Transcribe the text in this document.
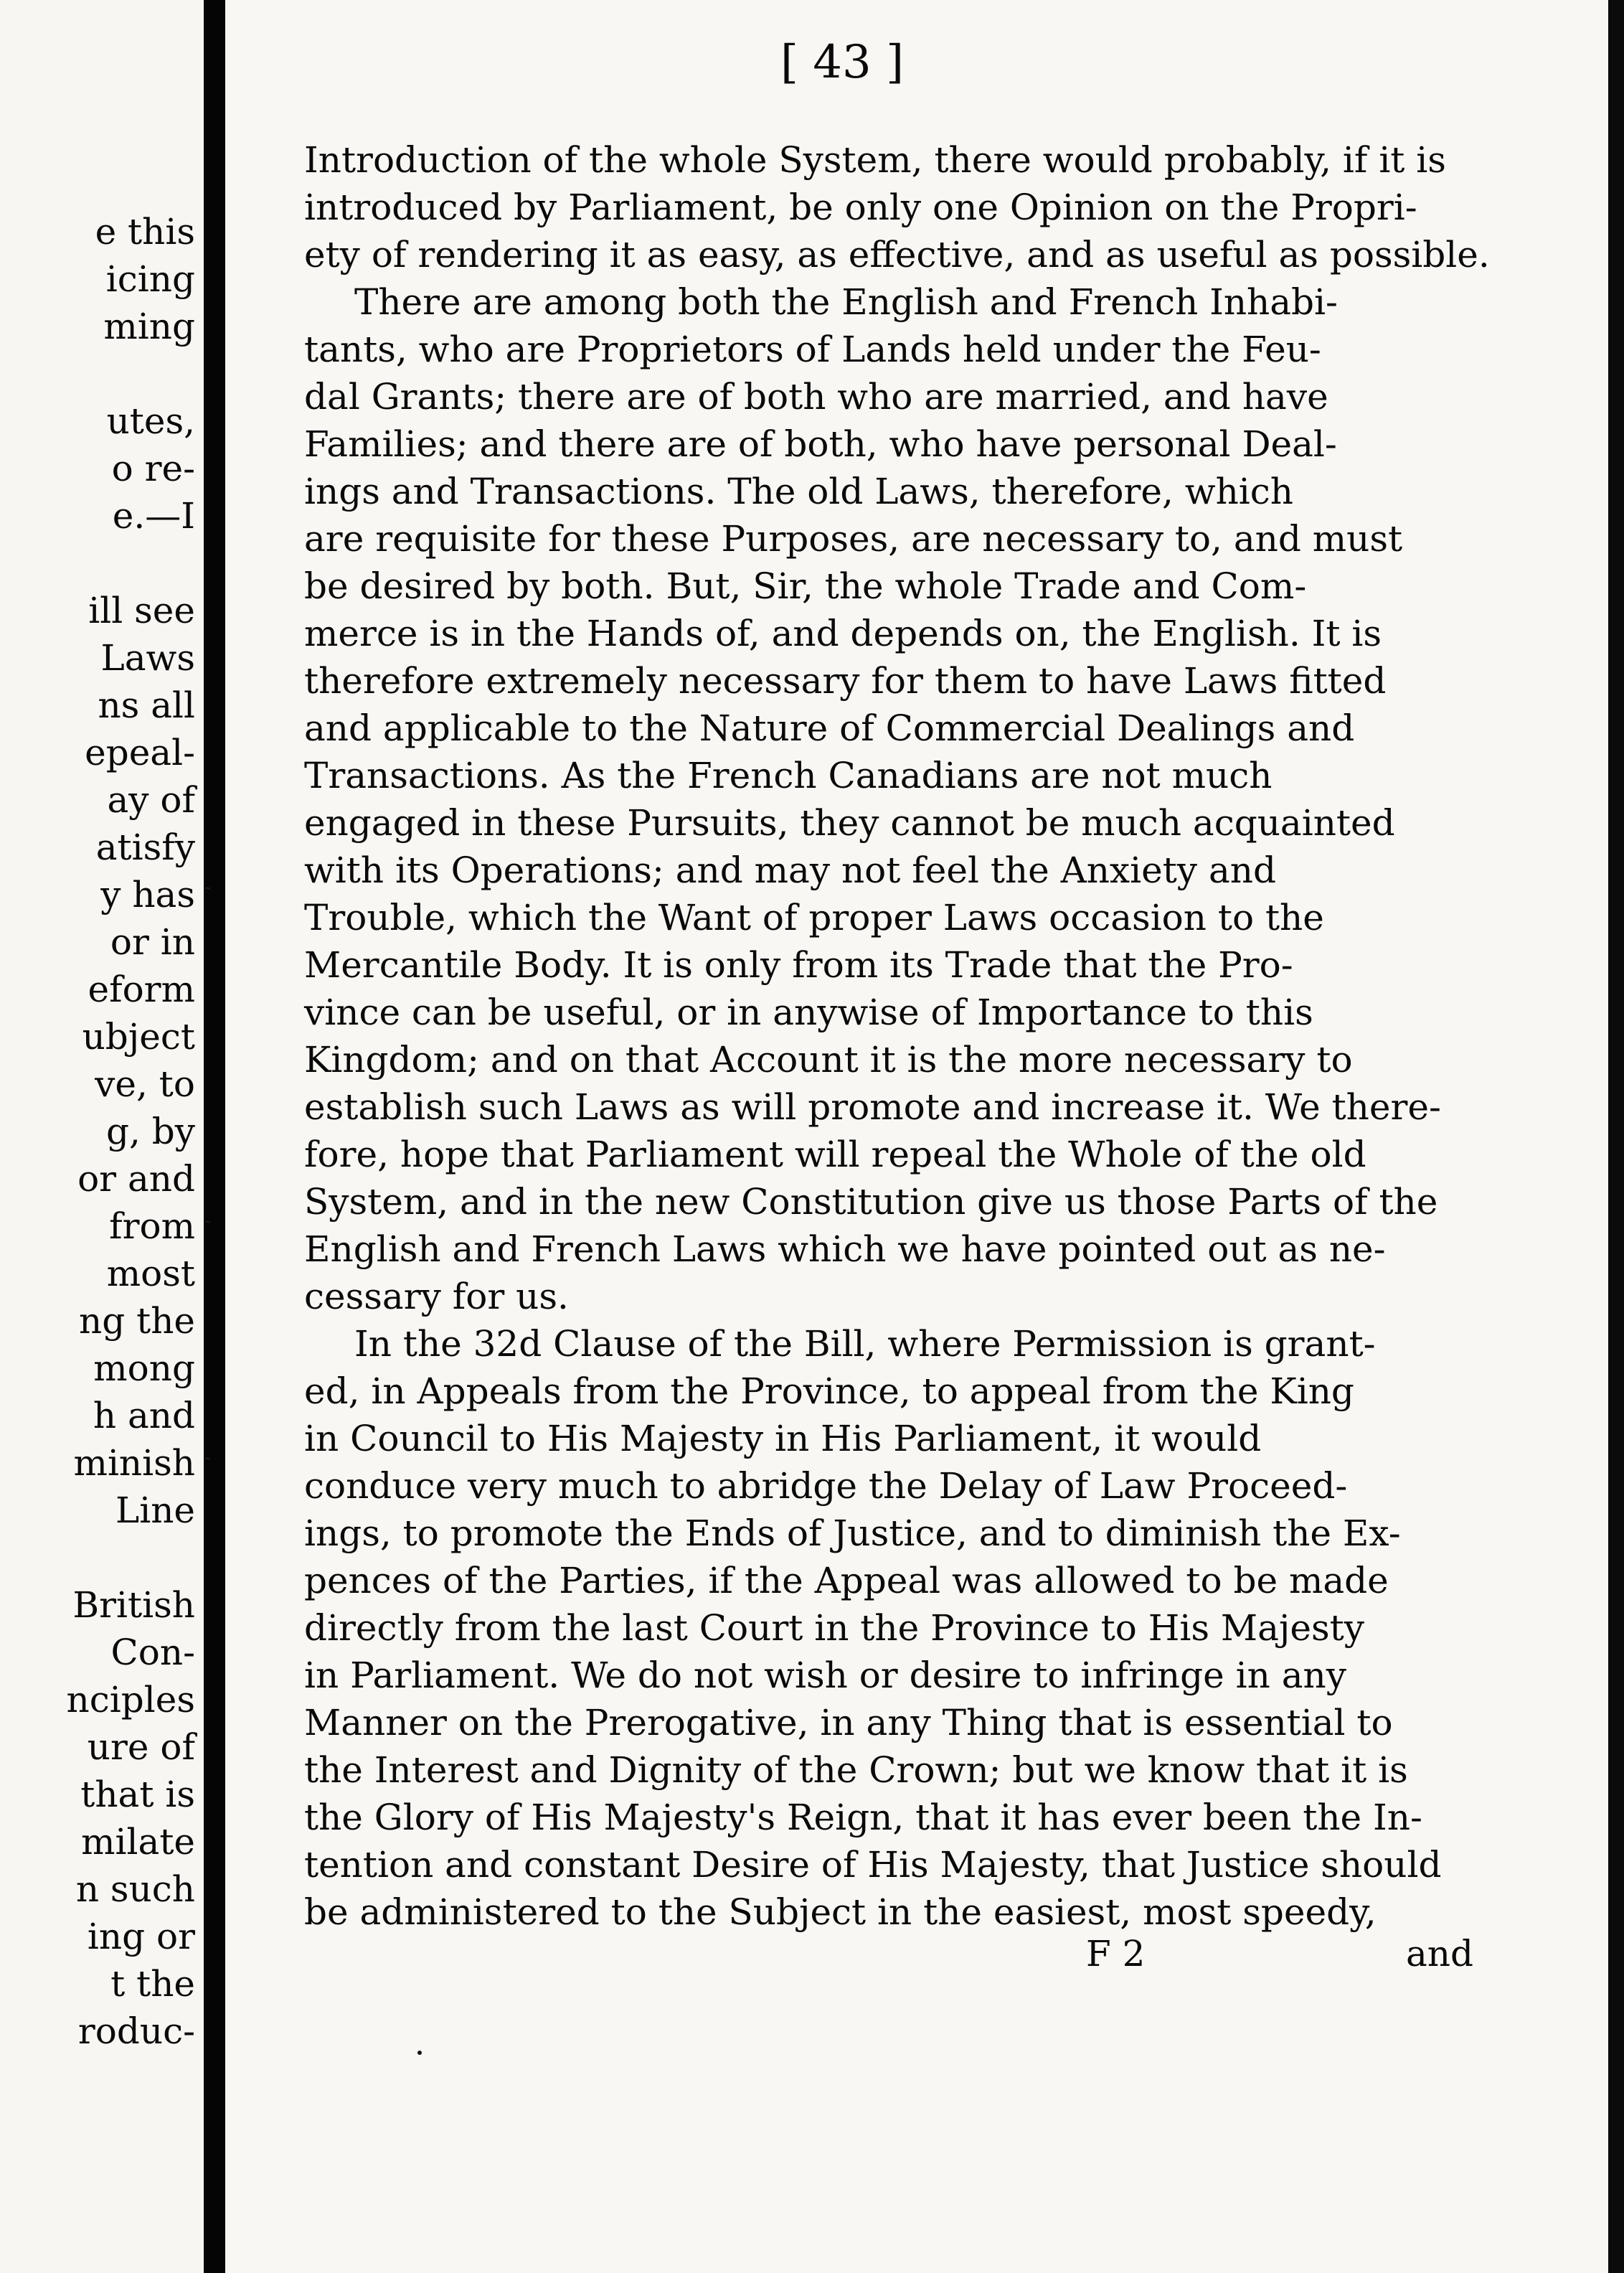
e this

icing

ming

utes,

o re-

e.—I

ill see

Laws

ns all

epeal-

ay of

atisfy

y has

or in

eform

ubject

ve, to

g, by

or and

from

most

ng the

mong

h and

minish

Line

British

Con-

nciples

ure of

that is

milate

n such

ing or

t the

roduc-

[ 43 ]

Introduction of the whole System, there would probably, if it is

introduced by Parliament, be only one Opinion on the Propri-

ety of rendering it as easy, as effective, and as useful as possible.

There are among both the English and French Inhabi-

tants, who are Proprietors of Lands held under the Feu-

dal Grants; there are of both who are married, and have

Families; and there are of both, who have personal Deal-

ings and Transactions. The old Laws, therefore, which

are requisite for these Purposes, are necessary to, and must

be desired by both. But, Sir, the whole Trade and Com-

merce is in the Hands of, and depends on, the English. It is

therefore extremely necessary for them to have Laws fitted

and applicable to the Nature of Commercial Dealings and

Transactions. As the French Canadians are not much

engaged in these Pursuits, they cannot be much acquainted

with its Operations; and may not feel the Anxiety and

Trouble, which the Want of proper Laws occasion to the

Mercantile Body. It is only from its Trade that the Pro-

vince can be useful, or in anywise of Importance to this

Kingdom; and on that Account it is the more necessary to

establish such Laws as will promote and increase it. We there-

fore, hope that Parliament will repeal the Whole of the old

System, and in the new Constitution give us those Parts of the

English and French Laws which we have pointed out as ne-

cessary for us.

In the 32d Clause of the Bill, where Permission is grant-

ed, in Appeals from the Province, to appeal from the King

in Council to His Majesty in His Parliament, it would

conduce very much to abridge the Delay of Law Proceed-

ings, to promote the Ends of Justice, and to diminish the Ex-

pences of the Parties, if the Appeal was allowed to be made

directly from the last Court in the Province to His Majesty

in Parliament. We do not wish or desire to infringe in any

Manner on the Prerogative, in any Thing that is essential to

the Interest and Dignity of the Crown; but we know that it is

the Glory of His Majesty's Reign, that it has ever been the In-

tention and constant Desire of His Majesty, that Justice should

be administered to the Subject in the easiest, most speedy,

F 2	and

˜
˜
˜
